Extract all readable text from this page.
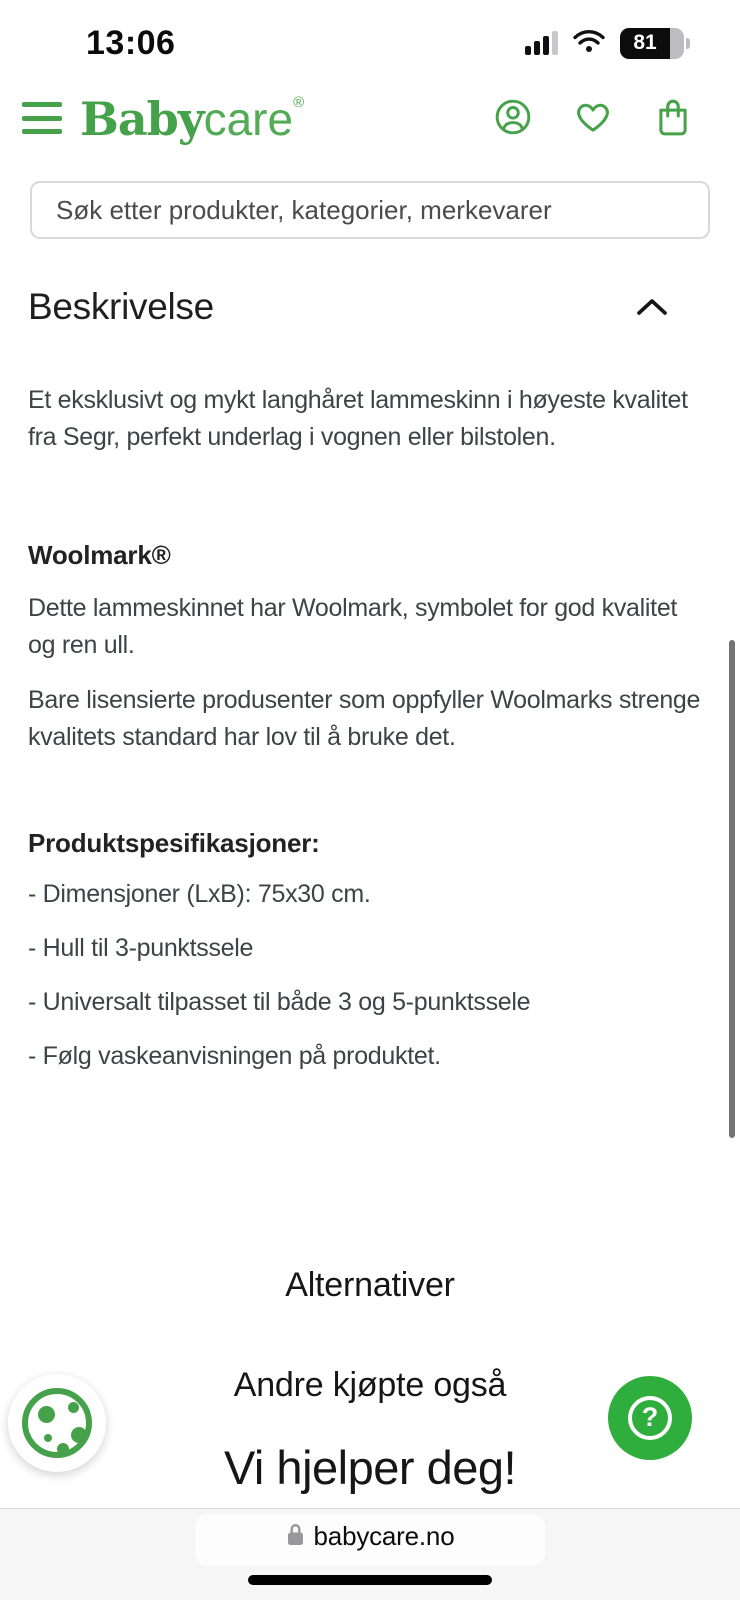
13:06	81
Babycare®
Søk etter produkter, kategorier, merkevarer
Beskrivelse
Et eksklusivt og mykt langhåret lammeskinn i høyeste kvalitet
fra Segr, perfekt underlag i vognen eller bilstolen.
Woolmark®
Dette lammeskinnet har Woolmark, symbolet for god kvalitet
og ren ull.
Bare lisensierte produsenter som oppfyller Woolmarks strenge
kvalitets standard har lov til å bruke det.
Produktspesifikasjoner:
- Dimensjoner (LxB): 75x30 cm.
- Hull til 3-punktssele
- Universalt tilpasset til både 3 og 5-punktssele
- Følg vaskeanvisningen på produktet.
Alternativer
Andre kjøpte også
Vi hjelper deg!
?
babycare.no
